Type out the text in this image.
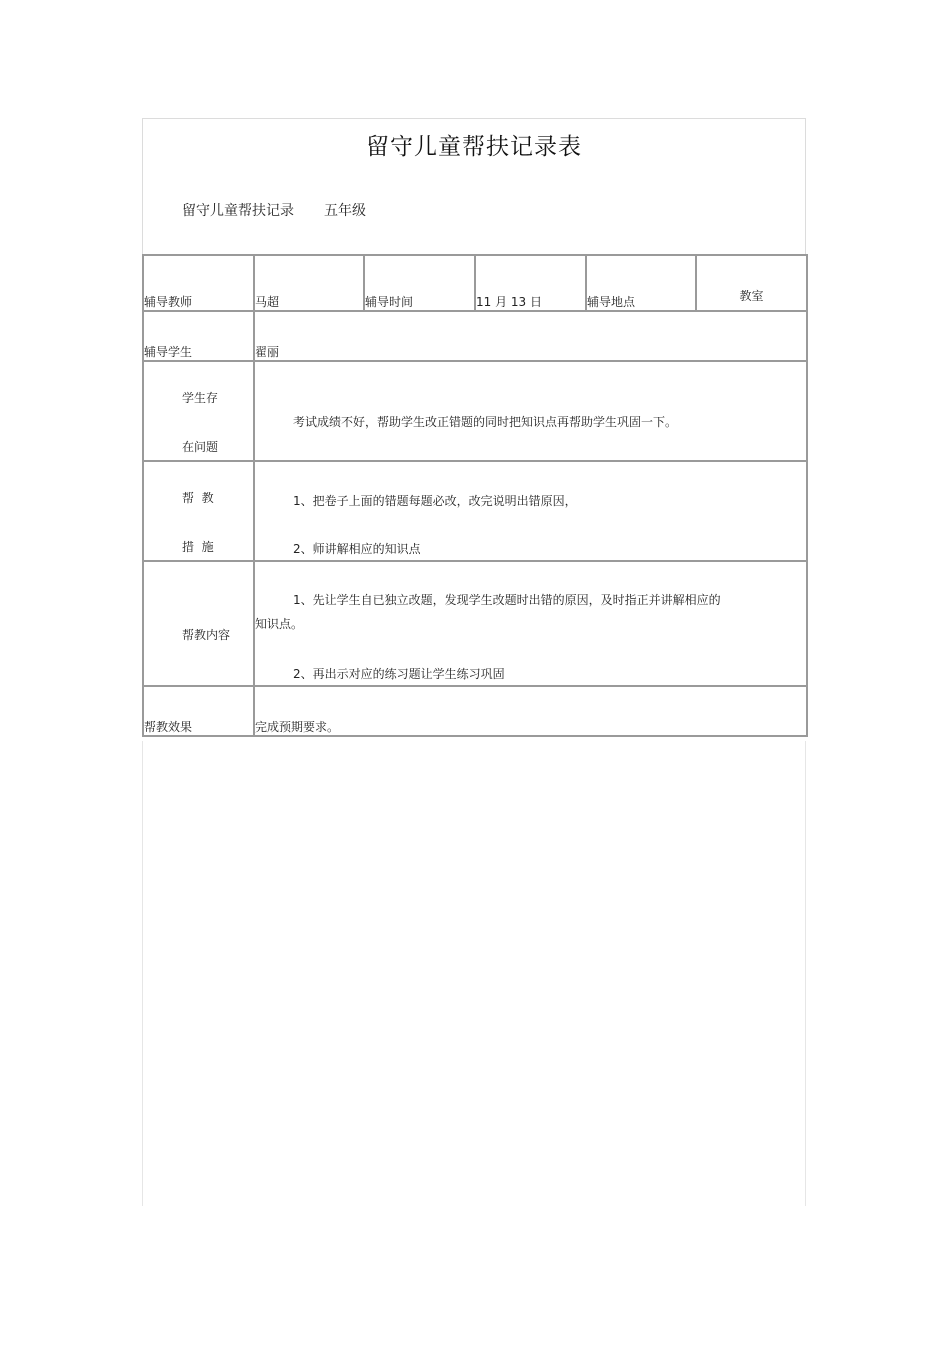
留守儿童帮扶记录表
留守儿童帮扶记录 五年级
辅导教师	马超	辅导时间	11 月 13 日	辅导地点	教室
辅导学生	翟丽				

学生存
在问题	考试成绩不好，帮助学生改正错题的同时把知识点再帮助学生巩固一下。				

帮  教
措  施	1、把卷子上面的错题每题必改，改完说明出错原因，
2、师讲解相应的知识点				

帮教内容	1、先让学生自已独立改题，发现学生改题时出错的原因，及时指正并讲解相应的
知识点。
2、再出示对应的练习题让学生练习巩固				

帮教效果	完成预期要求。				
